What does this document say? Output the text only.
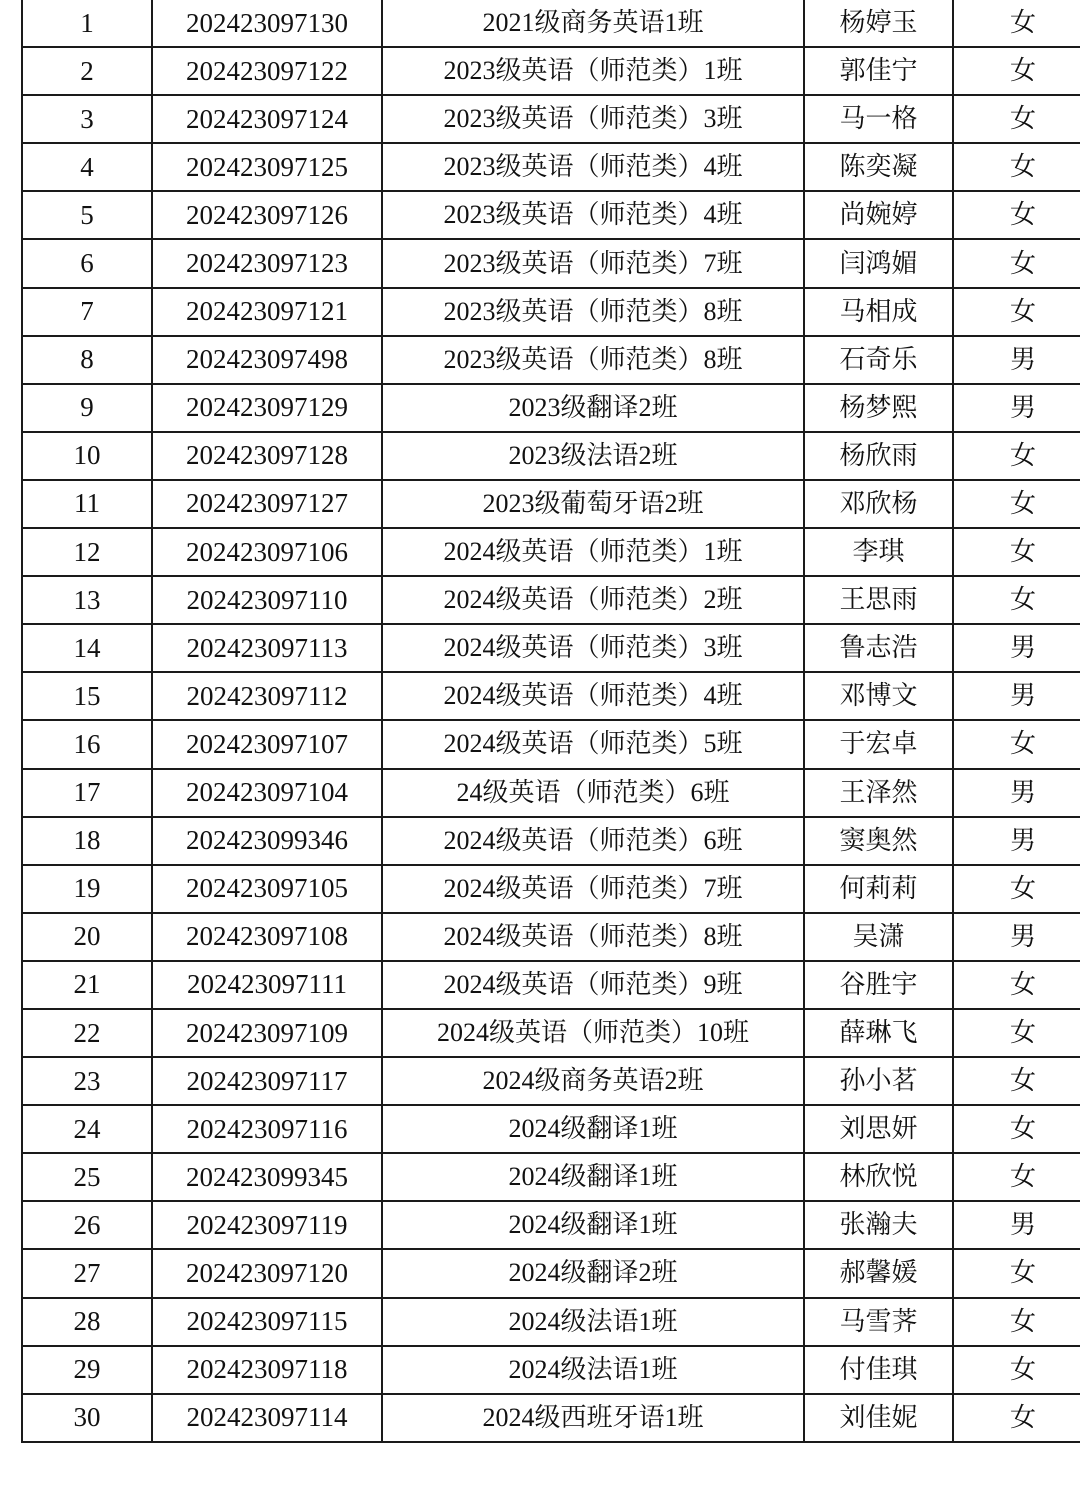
1	202423097130	2021级商务英语1班	杨婷玉	女
2	202423097122	2023级英语（师范类）1班	郭佳宁	女
3	202423097124	2023级英语（师范类）3班	马一格	女
4	202423097125	2023级英语（师范类）4班	陈奕凝	女
5	202423097126	2023级英语（师范类）4班	尚婉婷	女
6	202423097123	2023级英语（师范类）7班	闫鸿媚	女
7	202423097121	2023级英语（师范类）8班	马相成	女
8	202423097498	2023级英语（师范类）8班	石奇乐	男
9	202423097129	2023级翻译2班	杨梦熙	男
10	202423097128	2023级法语2班	杨欣雨	女
11	202423097127	2023级葡萄牙语2班	邓欣杨	女
12	202423097106	2024级英语（师范类）1班	李琪	女
13	202423097110	2024级英语（师范类）2班	王思雨	女
14	202423097113	2024级英语（师范类）3班	鲁志浩	男
15	202423097112	2024级英语（师范类）4班	邓博文	男
16	202423097107	2024级英语（师范类）5班	于宏卓	女
17	202423097104	24级英语（师范类）6班	王泽然	男
18	202423099346	2024级英语（师范类）6班	窦奥然	男
19	202423097105	2024级英语（师范类）7班	何莉莉	女
20	202423097108	2024级英语（师范类）8班	吴潇	男
21	202423097111	2024级英语（师范类）9班	谷胜宇	女
22	202423097109	2024级英语（师范类）10班	薛琳飞	女
23	202423097117	2024级商务英语2班	孙小茗	女
24	202423097116	2024级翻译1班	刘思妍	女
25	202423099345	2024级翻译1班	林欣悦	女
26	202423097119	2024级翻译1班	张瀚夫	男
27	202423097120	2024级翻译2班	郝馨媛	女
28	202423097115	2024级法语1班	马雪荠	女
29	202423097118	2024级法语1班	付佳琪	女
30	202423097114	2024级西班牙语1班	刘佳妮	女
